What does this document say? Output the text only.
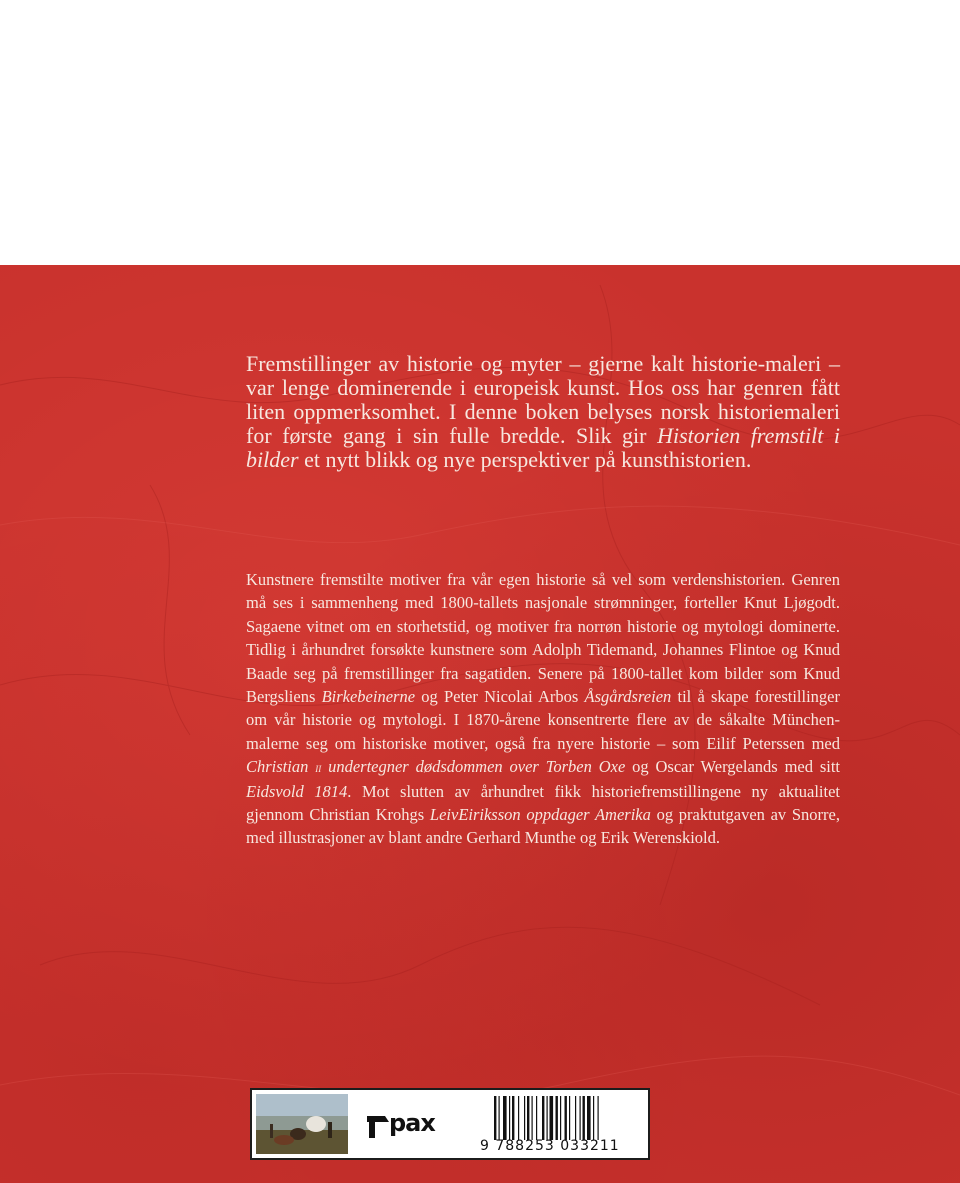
Fremstillinger av historie og myter – gjerne kalt historie-maleri – var lenge dominerende i europeisk kunst. Hos oss har genren fått liten oppmerksomhet. I denne boken belyses norsk historiemaleri for første gang i sin fulle bredde. Slik gir Historien fremstilt i bilder et nytt blikk og nye perspektiver på kunsthistorien.

Kunstnere fremstilte motiver fra vår egen historie så vel som verdenshistorien. Genren må ses i sammenheng med 1800-tallets nasjonale strømninger, forteller Knut Ljøgodt. Sagaene vitnet om en storhetstid, og motiver fra norrøn historie og mytologi dominerte. Tidlig i århundret forsøkte kunstnere som Adolph Tidemand, Johannes Flintoe og Knud Baade seg på fremstillinger fra sagatiden. Senere på 1800-tallet kom bilder som Knud Bergsliens Birkebeinerne og Peter Nicolai Arbos Åsgårdsreien til å skape forestillinger om vår historie og mytologi. I 1870-årene konsentrerte flere av de såkalte München-malerne seg om historiske motiver, også fra nyere historie – som Eilif Peterssen med Christian ii undertegner dødsdommen over Torben Oxe og Oscar Wergelands med sitt Eidsvold 1814. Mot slutten av århundret fikk historiefremstillingene ny aktualitet gjennom Christian Krohgs LeivEiriksson oppdager Amerika og praktutgaven av Snorre, med illustrasjoner av blant andre Gerhard Munthe og Erik Werenskiold.

pax
9 788253 033211
